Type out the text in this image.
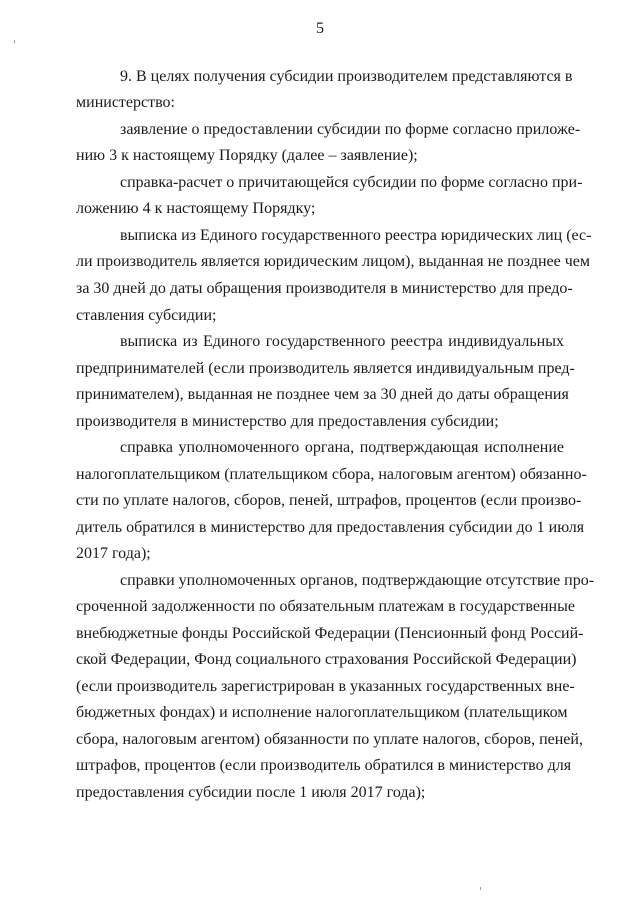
5
9. В целях получения субсидии производителем представляются в
министерство:
заявление о предоставлении субсидии по форме согласно приложе-
нию 3 к настоящему Порядку (далее – заявление);
справка-расчет о причитающейся субсидии по форме согласно при-
ложению 4 к настоящему Порядку;
выписка из Единого государственного реестра юридических лиц (ес-
ли производитель является юридическим лицом), выданная не позднее чем
за 30 дней до даты обращения производителя в министерство для предо-
ставления субсидии;
выписка из Единого государственного реестра индивидуальных
предпринимателей (если производитель является индивидуальным пред-
принимателем), выданная не позднее чем за 30 дней до даты обращения
производителя в министерство для предоставления субсидии;
справка уполномоченного органа, подтверждающая исполнение
налогоплательщиком (плательщиком сбора, налоговым агентом) обязанно-
сти по уплате налогов, сборов, пеней, штрафов, процентов (если произво-
дитель обратился в министерство для предоставления субсидии до 1 июля
2017 года);
справки уполномоченных органов, подтверждающие отсутствие про-
сроченной задолженности по обязательным платежам в государственные
внебюджетные фонды Российской Федерации (Пенсионный фонд Россий-
ской Федерации, Фонд социального страхования Российской Федерации)
(если производитель зарегистрирован в указанных государственных вне-
бюджетных фондах) и исполнение налогоплательщиком (плательщиком
сбора, налоговым агентом) обязанности по уплате налогов, сборов, пеней,
штрафов, процентов (если производитель обратился в министерство для
предоставления субсидии после 1 июля 2017 года);
